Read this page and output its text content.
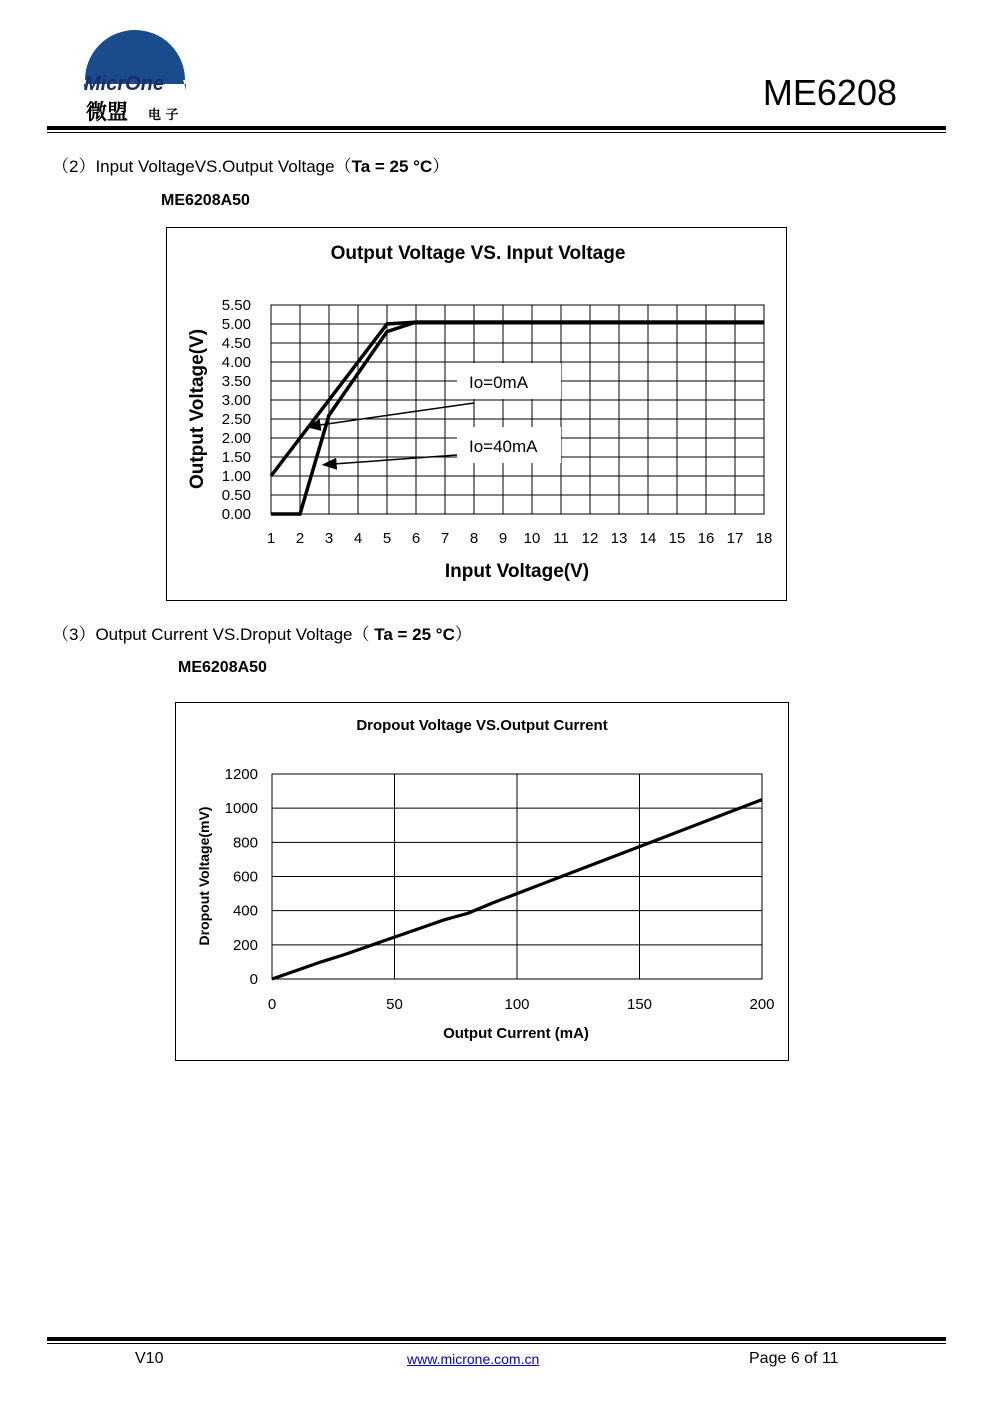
MicrOne
微盟 电 子
ME6208
（2）Input VoltageVS.Output Voltage（Ta = 25 °C）
ME6208A50
Output Voltage VS. Input Voltage
0.00
0.50
1.00
1.50
2.00
2.50
3.00
3.50
4.00
4.50
5.00
5.50
1 2 3 4 5 6 7 8 9 10 11 12 13 14 15 16 17 18
Io=0mA
Io=40mA
Input Voltage(V)
Output Voltage(V)
（3）Output Current VS.Droput Voltage（ Ta = 25 °C）
ME6208A50
Dropout Voltage VS.Output Current
0
200
400
600
800
1000
1200
0	50	100	150	200
Output Current (mA)
Dropout Voltage(mV)
V10	www.microne.com.cn	Page 6 of 11
